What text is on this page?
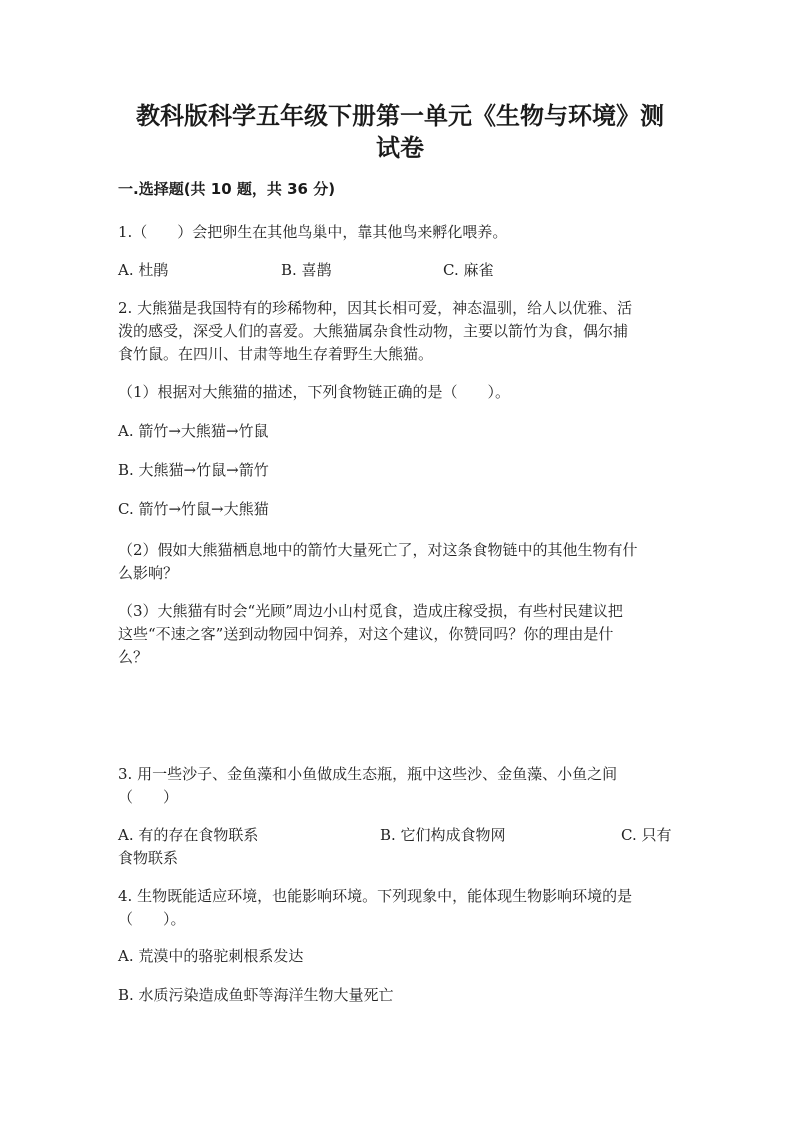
教科版科学五年级下册第一单元《生物与环境》测
试卷
一.选择题(共 10 题，共 36 分)
1.（　　）会把卵生在其他鸟巢中，靠其他鸟来孵化喂养。
A. 杜鹃	B. 喜鹊	C. 麻雀
2. 大熊猫是我国特有的珍稀物种，因其长相可爱，神态温驯，给人以优雅、活
泼的感受，深受人们的喜爱。大熊猫属杂食性动物，主要以箭竹为食，偶尔捕
食竹鼠。在四川、甘肃等地生存着野生大熊猫。
（1）根据对大熊猫的描述，下列食物链正确的是（　　）。
A. 箭竹→大熊猫→竹鼠
B. 大熊猫→竹鼠→箭竹
C. 箭竹→竹鼠→大熊猫
（2）假如大熊猫栖息地中的箭竹大量死亡了，对这条食物链中的其他生物有什
么影响？
（3）大熊猫有时会“光顾”周边小山村觅食，造成庄稼受损，有些村民建议把
这些“不速之客”送到动物园中饲养，对这个建议，你赞同吗？你的理由是什
么？
3. 用一些沙子、金鱼藻和小鱼做成生态瓶，瓶中这些沙、金鱼藻、小鱼之间
（　　）
A. 有的存在食物联系	B. 它们构成食物网	C. 只有
食物联系
4. 生物既能适应环境，也能影响环境。下列现象中，能体现生物影响环境的是
（　　）。
A. 荒漠中的骆驼刺根系发达
B. 水质污染造成鱼虾等海洋生物大量死亡
